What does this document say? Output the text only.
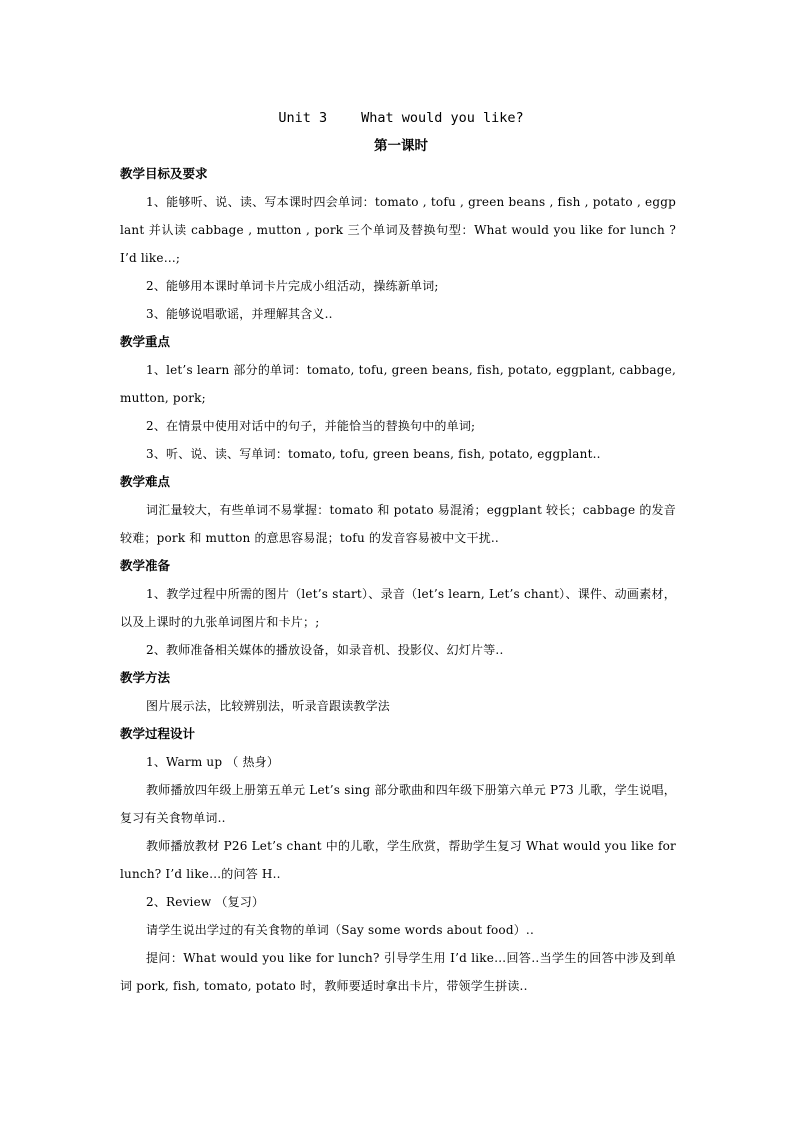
Unit 3	What would you like?
第一课时
教学目标及要求
1、能够听、说、读、写本课时四会单词：tomato , tofu , green beans , fish , potato , eggplant 并认读 cabbage , mutton , pork 三个单词及替换句型：What would you like for lunch ? I’d like…;
2、能够用本课时单词卡片完成小组活动，操练新单词;
3、能够说唱歌谣，并理解其含义..
教学重点
1、let’s learn 部分的单词：tomato, tofu, green beans, fish, potato, eggplant, cabbage, mutton, pork;
2、在情景中使用对话中的句子，并能恰当的替换句中的单词;
3、听、说、读、写单词：tomato, tofu, green beans, fish, potato, eggplant..
教学难点
词汇量较大，有些单词不易掌握：tomato 和 potato 易混淆；eggplant 较长；cabbage 的发音较难；pork 和 mutton 的意思容易混；tofu 的发音容易被中文干扰..
教学准备
1、教学过程中所需的图片（let’s start）、录音（let’s learn, Let’s chant）、课件、动画素材，以及上课时的九张单词图片和卡片；;
2、教师准备相关媒体的播放设备，如录音机、投影仪、幻灯片等..
教学方法
图片展示法，比较辨别法，听录音跟读教学法
教学过程设计
1、Warm up （ 热身）
教师播放四年级上册第五单元 Let’s sing 部分歌曲和四年级下册第六单元 P73 儿歌，学生说唱，复习有关食物单词..
教师播放教材 P26 Let’s chant 中的儿歌，学生欣赏，帮助学生复习 What would you like for lunch? I’d like…的问答 H..
2、Review （复习）
请学生说出学过的有关食物的单词（Say some words about food）..
提问：What would you like for lunch? 引导学生用 I’d like…回答..当学生的回答中涉及到单词 pork, fish, tomato, potato 时，教师要适时拿出卡片，带领学生拼读..
